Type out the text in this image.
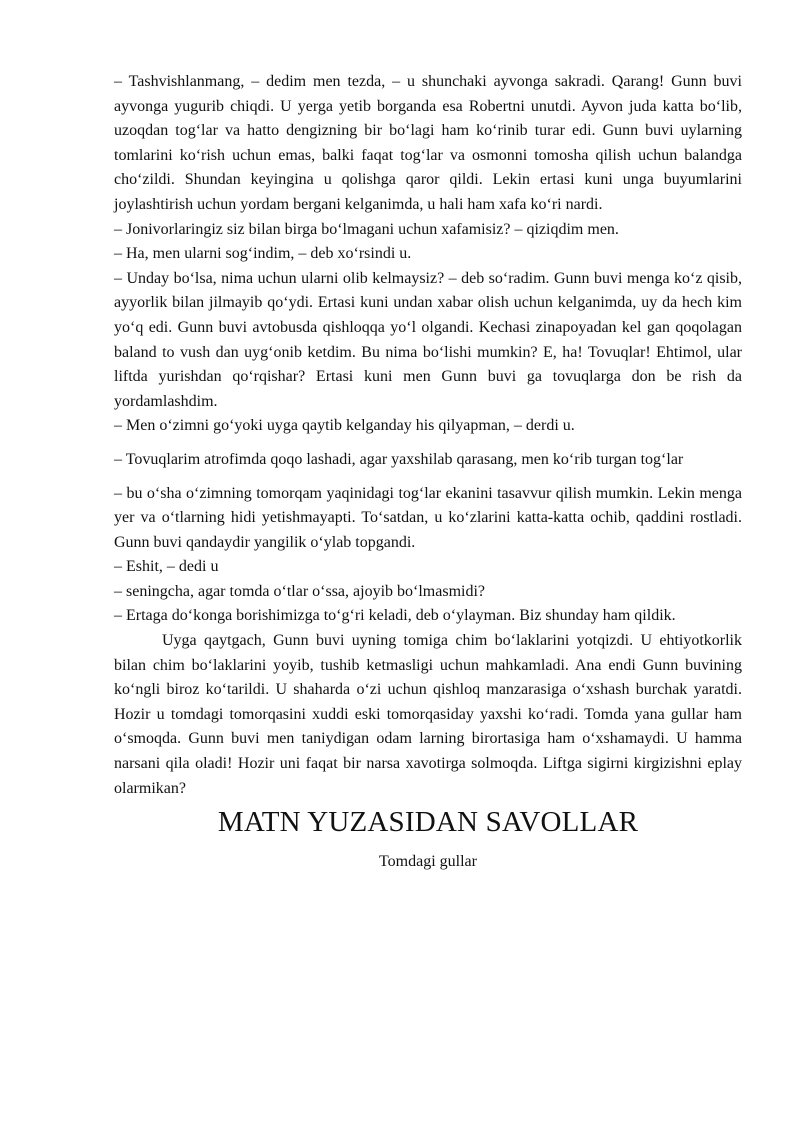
– Tashvishlanmang, – dedim men tezda, – u shunchaki ayvonga sakradi. Qarang! Gunn buvi ayvonga yugurib chiqdi. U yerga yetib borganda esa Robertni unutdi. Ayvon juda katta bo‘lib, uzoqdan tog‘lar va hatto dengizning bir bo‘lagi ham ko‘rinib turar edi. Gunn buvi uylarning tomlarini ko‘rish uchun emas, balki faqat tog‘lar va osmonni tomosha qilish uchun balandga cho‘zildi. Shundan keyingina u qolishga qaror qildi. Lekin ertasi kuni unga buyumlarini joylashtirish uchun yordam bergani kelganimda, u hali ham xafa ko‘ri nardi.

– Jonivorlaringiz siz bilan birga bo‘lmagani uchun xafamisiz? – qiziqdim men.

– Ha, men ularni sog‘indim, – deb xo‘rsindi u.

– Unday bo‘lsa, nima uchun ularni olib kelmaysiz? – deb so‘radim. Gunn buvi menga ko‘z qisib, ayyorlik bilan jilmayib qo‘ydi. Ertasi kuni undan xabar olish uchun kelganimda, uy da hech kim yo‘q edi. Gunn buvi avtobusda qishloqqa yo‘l olgandi. Kechasi zinapoyadan kel gan qoqolagan baland to vush dan uyg‘onib ketdim. Bu nima bo‘lishi mumkin? E, ha! Tovuqlar! Ehtimol, ular liftda yurishdan qo‘rqishar? Ertasi kuni men Gunn buvi ga tovuqlarga don be rish da yordamlashdim.

– Men o‘zimni go‘yoki uyga qaytib kelganday his qilyapman, – derdi u.

– Tovuqlarim atrofimda qoqo lashadi, agar yaxshilab qarasang, men ko‘rib turgan tog‘lar

– bu o‘sha o‘zimning tomorqam yaqinidagi tog‘lar ekanini tasavvur qilish mumkin. Lekin menga yer va o‘tlarning hidi yetishmayapti. To‘satdan, u ko‘zlarini katta-katta ochib, qaddini rostladi. Gunn buvi qandaydir yangilik o‘ylab topgandi.

– Eshit, – dedi u

– seningcha, agar tomda o‘tlar o‘ssa, ajoyib bo‘lmasmidi?

– Ertaga do‘konga borishimizga to‘g‘ri keladi, deb o‘ylayman. Biz shunday ham qildik.

Uyga qaytgach, Gunn buvi uyning tomiga chim bo‘laklarini yotqizdi. U ehtiyotkorlik bilan chim bo‘laklarini yoyib, tushib ketmasligi uchun mahkamladi. Ana endi Gunn buvining ko‘ngli biroz ko‘tarildi. U shaharda o‘zi uchun qishloq manzarasiga o‘xshash burchak yaratdi. Hozir u tomdagi tomorqasini xuddi eski tomorqasiday yaxshi ko‘radi. Tomda yana gullar ham o‘smoqda. Gunn buvi men taniydigan odam larning birortasiga ham o‘xshamaydi. U hamma narsani qila oladi! Hozir uni faqat bir narsa xavotirga solmoqda. Liftga sigirni kirgizishni eplay olarmikan?

MATN YUZASIDAN SAVOLLAR

Tomdagi gullar
